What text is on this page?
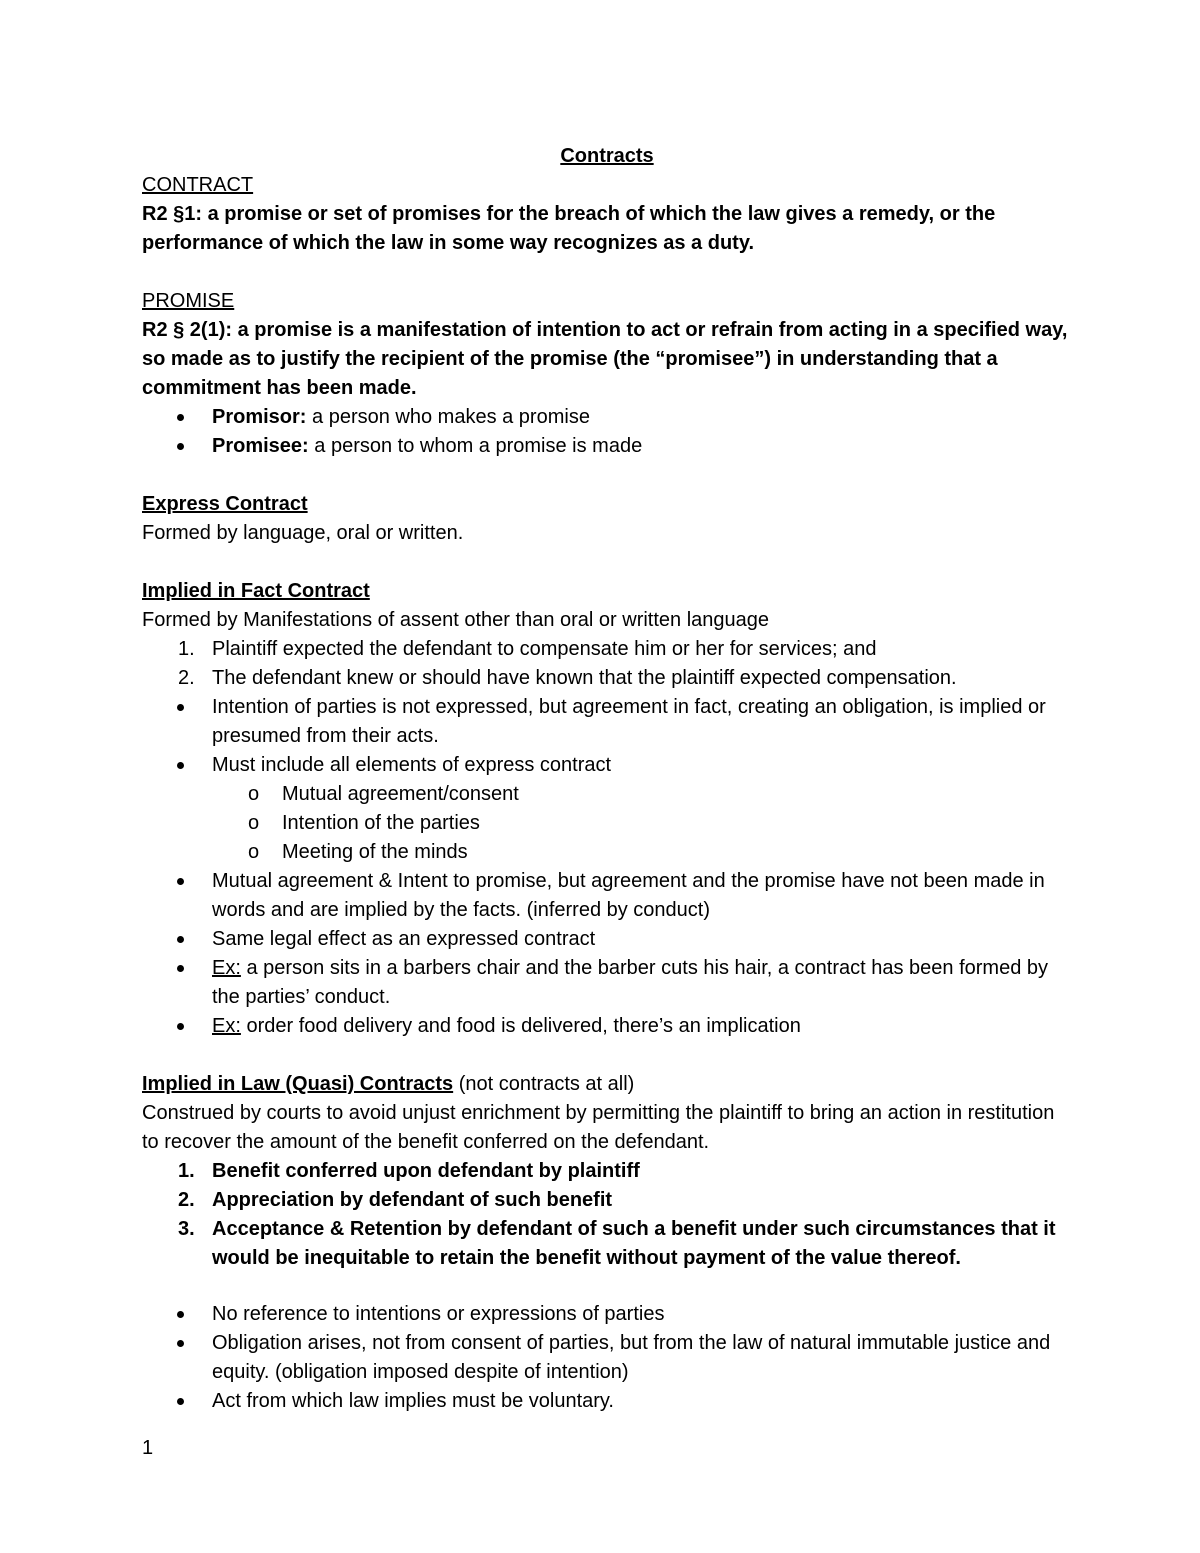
Contracts

CONTRACT

R2 §1: a promise or set of promises for the breach of which the law gives a remedy, or the performance of which the law in some way recognizes as a duty.

PROMISE

R2 § 2(1): a promise is a manifestation of intention to act or refrain from acting in a specified way, so made as to justify the recipient of the promise (the “promisee”) in understanding that a commitment has been made.

Promisor: a person who makes a promise
Promisee: a person to whom a promise is made

Express Contract

Formed by language, oral or written.

Implied in Fact Contract

Formed by Manifestations of assent other than oral or written language

1. Plaintiff expected the defendant to compensate him or her for services; and
2. The defendant knew or should have known that the plaintiff expected compensation.
Intention of parties is not expressed, but agreement in fact, creating an obligation, is implied or presumed from their acts.
Must include all elements of express contract
o Mutual agreement/consent
o Intention of the parties
o Meeting of the minds
Mutual agreement & Intent to promise, but agreement and the promise have not been made in words and are implied by the facts. (inferred by conduct)
Same legal effect as an expressed contract
Ex: a person sits in a barbers chair and the barber cuts his hair, a contract has been formed by the parties’ conduct.
Ex: order food delivery and food is delivered, there’s an implication

Implied in Law (Quasi) Contracts (not contracts at all)

Construed by courts to avoid unjust enrichment by permitting the plaintiff to bring an action in restitution to recover the amount of the benefit conferred on the defendant.

1. Benefit conferred upon defendant by plaintiff
2. Appreciation by defendant of such benefit
3. Acceptance & Retention by defendant of such a benefit under such circumstances that it would be inequitable to retain the benefit without payment of the value thereof.
No reference to intentions or expressions of parties
Obligation arises, not from consent of parties, but from the law of natural immutable justice and equity. (obligation imposed despite of intention)
Act from which law implies must be voluntary.
1
